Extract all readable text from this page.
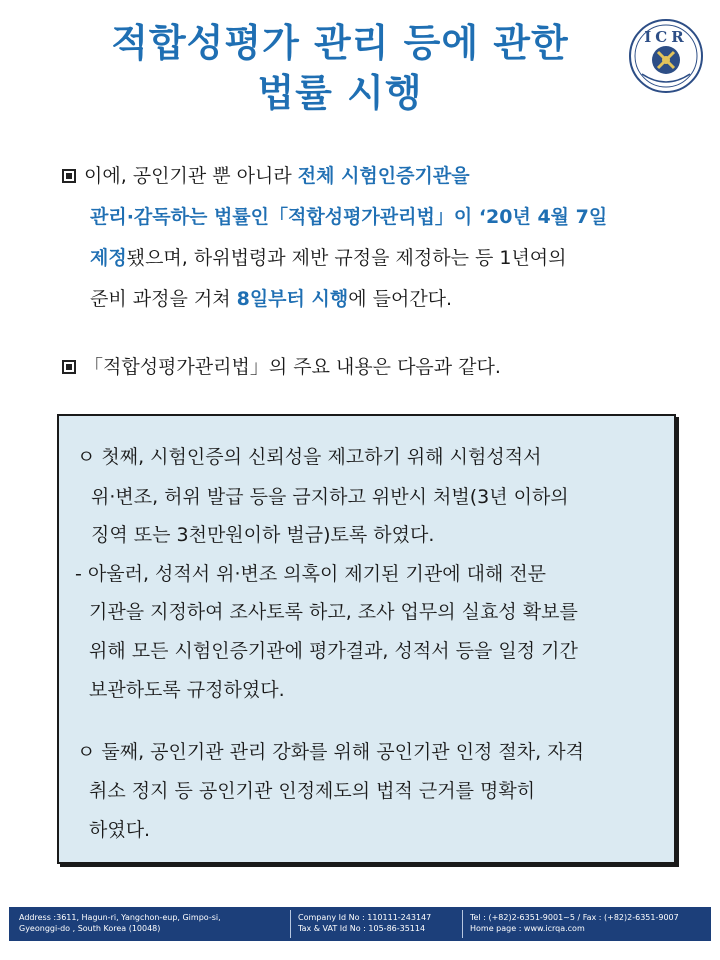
적합성평가 관리 등에 관한
법률 시행
ICR
이에, 공인기관 뿐 아니라 전체 시험인증기관을
관리·감독하는 법률인「적합성평가관리법」이 ‘20년 4월 7일
제정됐으며, 하위법령과 제반 규정을 제정하는 등 1년여의
준비 과정을 거쳐 8일부터 시행에 들어간다.
「적합성평가관리법」의 주요 내용은 다음과 같다.
ㅇ 첫째, 시험인증의 신뢰성을 제고하기 위해 시험성적서
위·변조, 허위 발급 등을 금지하고 위반시 처벌(3년 이하의
징역 또는 3천만원이하 벌금)토록 하였다.
- 아울러, 성적서 위·변조 의혹이 제기된 기관에 대해 전문
기관을 지정하여 조사토록 하고, 조사 업무의 실효성 확보를
위해 모든 시험인증기관에 평가결과, 성적서 등을 일정 기간
보관하도록 규정하였다.
ㅇ 둘째, 공인기관 관리 강화를 위해 공인기관 인정 절차, 자격
취소 정지 등 공인기관 인정제도의 법적 근거를 명확히
하였다.
Address :3611, Hagun-ri, Yangchon-eup, Gimpo-si,
Gyeonggi-do , South Korea (10048)
Company Id No : 110111-243147
Tax & VAT Id No : 105-86-35114
Tel : (+82)2-6351-9001~5 / Fax : (+82)2-6351-9007
Home page : www.icrqa.com
